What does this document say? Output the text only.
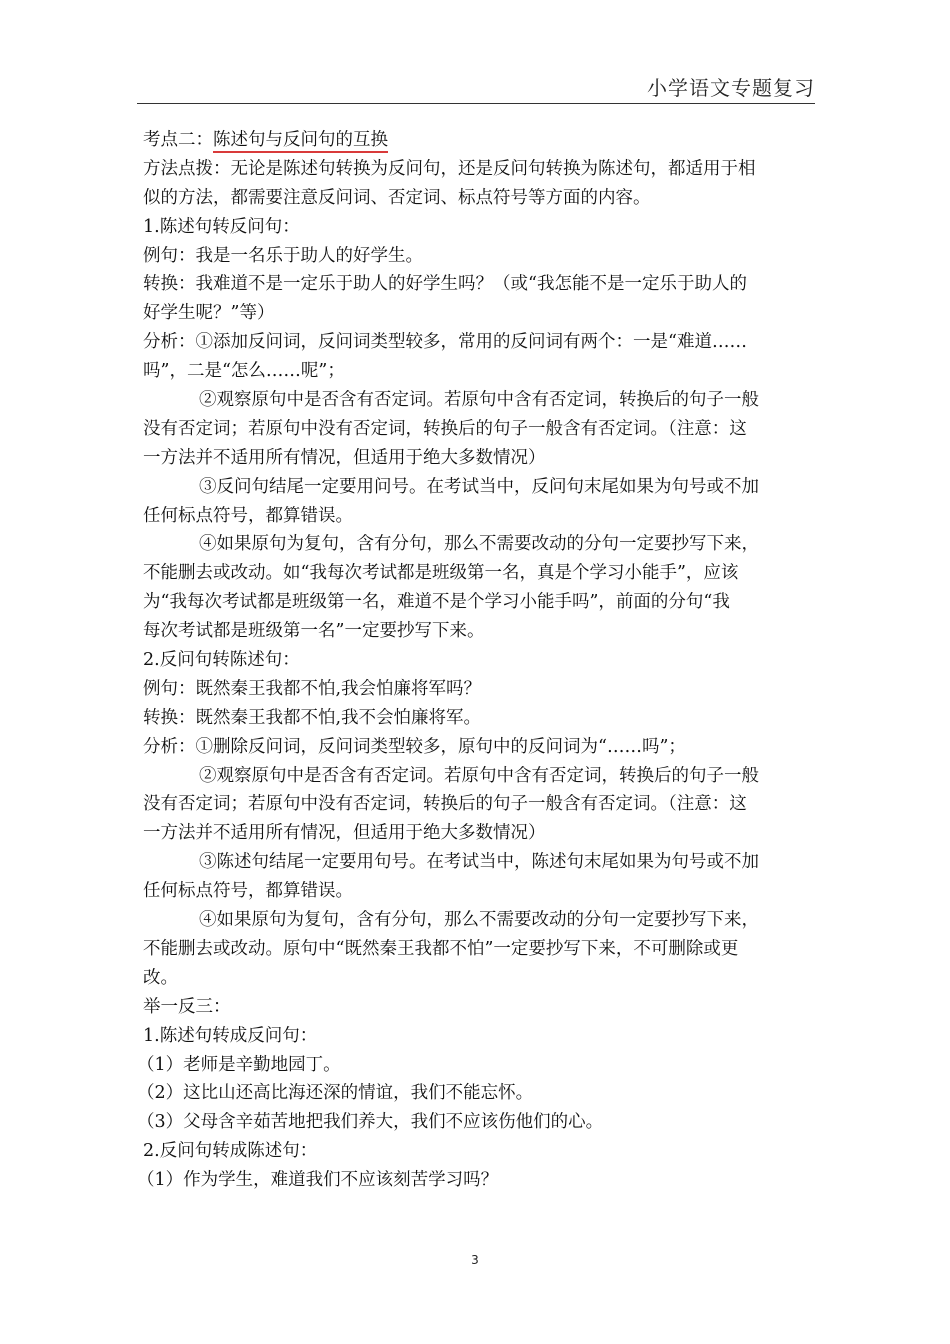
小学语文专题复习
考点二：陈述句与反问句的互换
方法点拨：无论是陈述句转换为反问句，还是反问句转换为陈述句，都适用于相
似的方法，都需要注意反问词、否定词、标点符号等方面的内容。
1.陈述句转反问句：
例句：我是一名乐于助人的好学生。
转换：我难道不是一定乐于助人的好学生吗？（或“我怎能不是一定乐于助人的
好学生呢？”等）
分析：①添加反问词，反问词类型较多，常用的反问词有两个：一是“难道……
吗”，二是“怎么……呢”；
②观察原句中是否含有否定词。若原句中含有否定词，转换后的句子一般
没有否定词；若原句中没有否定词，转换后的句子一般含有否定词。（注意：这
一方法并不适用所有情况，但适用于绝大多数情况）
③反问句结尾一定要用问号。在考试当中，反问句末尾如果为句号或不加
任何标点符号，都算错误。
④如果原句为复句，含有分句，那么不需要改动的分句一定要抄写下来，
不能删去或改动。如“我每次考试都是班级第一名，真是个学习小能手”，应该
为“我每次考试都是班级第一名，难道不是个学习小能手吗”，前面的分句“我
每次考试都是班级第一名”一定要抄写下来。
2.反问句转陈述句：
例句：既然秦王我都不怕,我会怕廉将军吗？
转换：既然秦王我都不怕,我不会怕廉将军。
分析：①删除反问词，反问词类型较多，原句中的反问词为“……吗”；
②观察原句中是否含有否定词。若原句中含有否定词，转换后的句子一般
没有否定词；若原句中没有否定词，转换后的句子一般含有否定词。（注意：这
一方法并不适用所有情况，但适用于绝大多数情况）
③陈述句结尾一定要用句号。在考试当中，陈述句末尾如果为句号或不加
任何标点符号，都算错误。
④如果原句为复句，含有分句，那么不需要改动的分句一定要抄写下来，
不能删去或改动。原句中“既然秦王我都不怕”一定要抄写下来，不可删除或更
改。
举一反三：
1.陈述句转成反问句：
（1）老师是辛勤地园丁。
（2）这比山还高比海还深的情谊，我们不能忘怀。
（3）父母含辛茹苦地把我们养大，我们不应该伤他们的心。
2.反问句转成陈述句：
（1）作为学生，难道我们不应该刻苦学习吗？
3
